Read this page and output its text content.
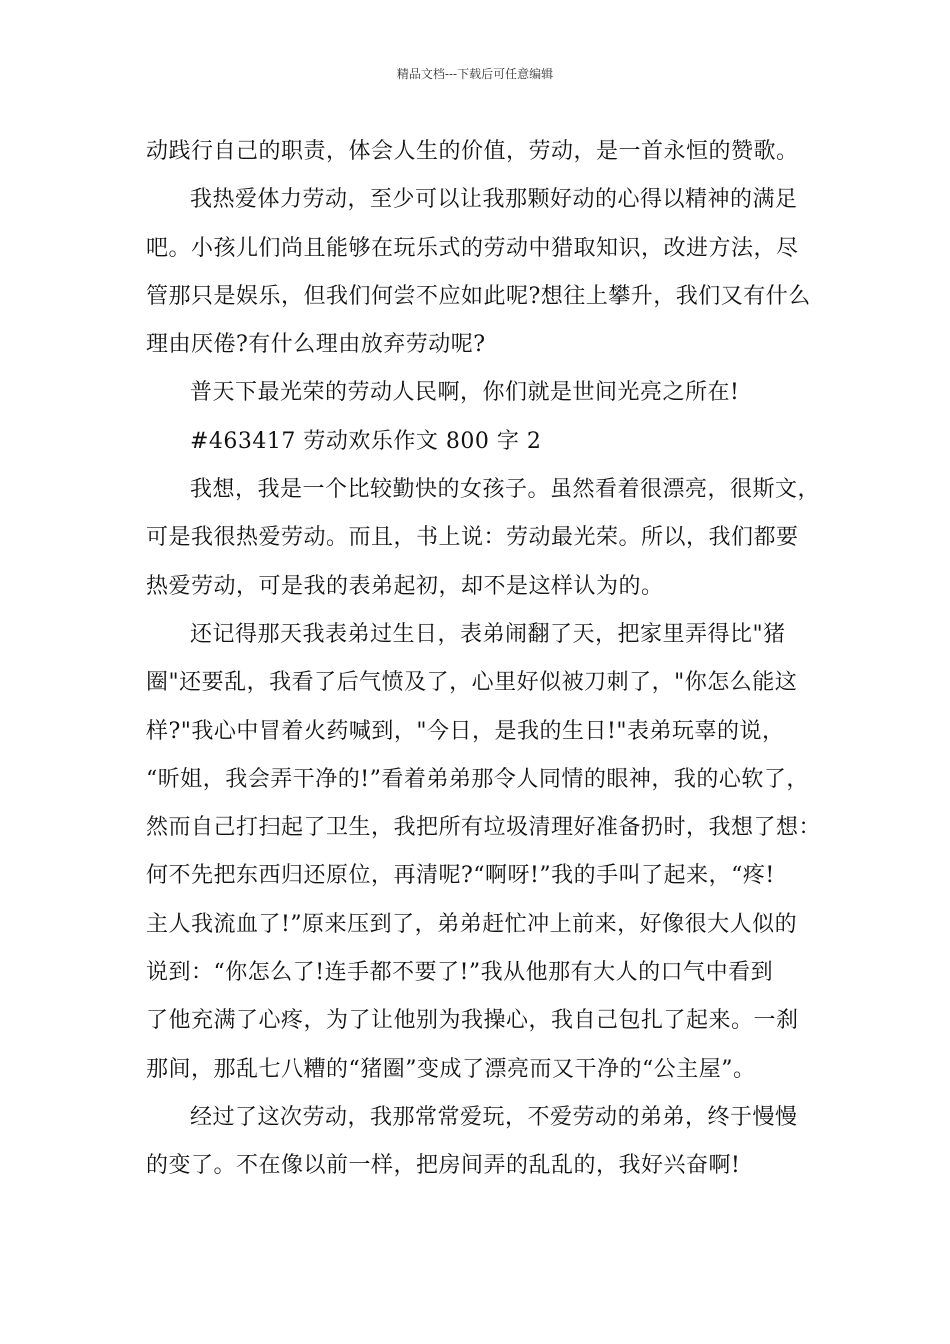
精品文档---下载后可任意编辑
动践行自己的职责，体会人生的价值，劳动，是一首永恒的赞歌。
我热爱体力劳动，至少可以让我那颗好动的心得以精神的满足
吧。小孩儿们尚且能够在玩乐式的劳动中猎取知识，改进方法，尽
管那只是娱乐，但我们何尝不应如此呢?想往上攀升，我们又有什么
理由厌倦?有什么理由放弃劳动呢?
普天下最光荣的劳动人民啊，你们就是世间光亮之所在!
#463417 劳动欢乐作文 800 字 2
我想，我是一个比较勤快的女孩子。虽然看着很漂亮，很斯文，
可是我很热爱劳动。而且，书上说：劳动最光荣。所以，我们都要
热爱劳动，可是我的表弟起初，却不是这样认为的。
还记得那天我表弟过生日，表弟闹翻了天，把家里弄得比"猪
圈"还要乱，我看了后气愤及了，心里好似被刀刺了，"你怎么能这
样?"我心中冒着火药喊到，"今日，是我的生日!"表弟玩辜的说，
“昕姐，我会弄干净的!”看着弟弟那令人同情的眼神，我的心软了，
然而自己打扫起了卫生，我把所有垃圾清理好准备扔时，我想了想：
何不先把东西归还原位，再清呢?“啊呀!”我的手叫了起来，“疼!
主人我流血了!”原来压到了，弟弟赶忙冲上前来，好像很大人似的
说到：“你怎么了!连手都不要了!”我从他那有大人的口气中看到
了他充满了心疼，为了让他别为我操心，我自己包扎了起来。一刹
那间，那乱七八糟的“猪圈”变成了漂亮而又干净的“公主屋”。
经过了这次劳动，我那常常爱玩，不爱劳动的弟弟，终于慢慢
的变了。不在像以前一样，把房间弄的乱乱的，我好兴奋啊!
